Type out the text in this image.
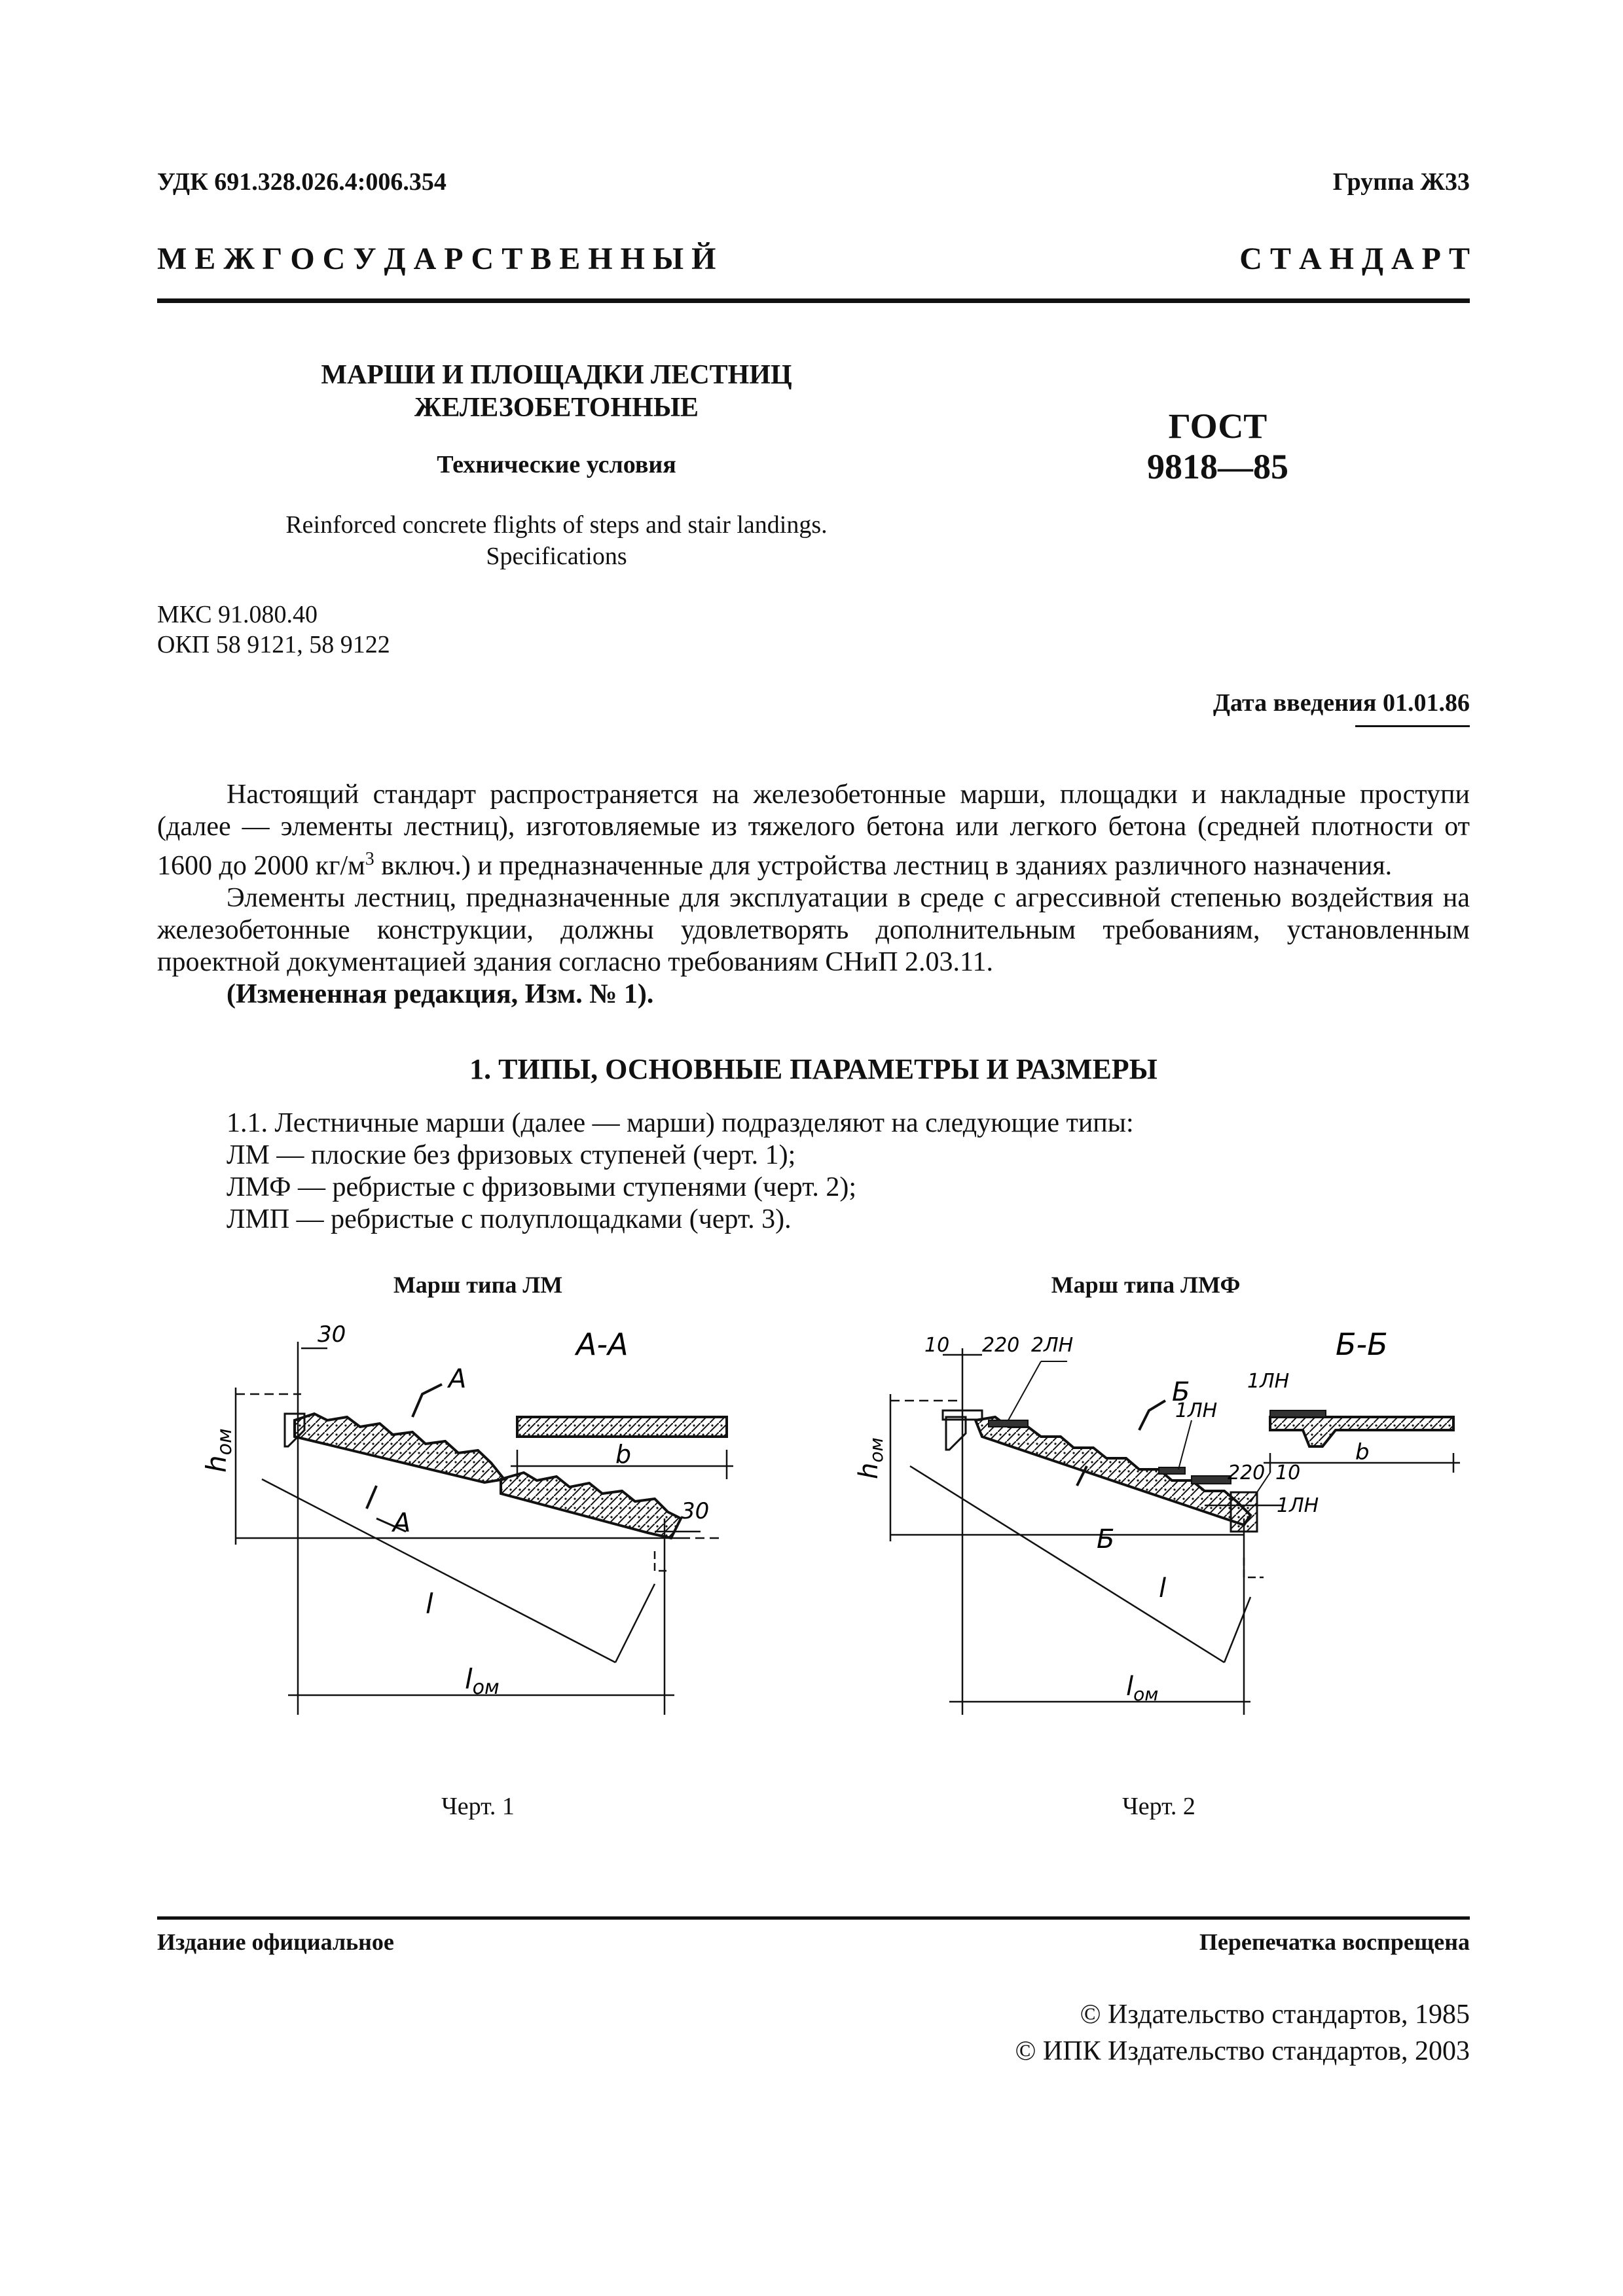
УДК 691.328.026.4:006.354	Группа Ж33
М Е Ж Г О С У Д А Р С Т В Е Н Н Ы Й	С Т А Н Д А Р Т
МАРШИ И ПЛОЩАДКИ ЛЕСТНИЦ
ЖЕЛЕЗОБЕТОННЫЕ
Технические условия
Reinforced concrete flights of steps and stair landings.
Specifications
ГОСТ
9818—85
МКС 91.080.40
ОКП 58 9121, 58 9122
Дата введения 01.01.86

Настоящий стандарт распространяется на железобетонные марши, площадки и накладные проступи (далее — элементы лестниц), изготовляемые из тяжелого бетона или легкого бетона (средней плотности от 1600 до 2000 $кг/м^3$ включ.) и предназначенные для устройства лестниц в зданиях различного назначения.

Элементы лестниц, предназначенные для эксплуатации в среде с агрессивной степенью воздействия на железобетонные конструкции, должны удовлетворять дополнительным требованиям, установленным проектной документацией здания согласно требованиям СНиП 2.03.11.

(Измененная редакция, Изм. № 1).

1. ТИПЫ, ОСНОВНЫЕ ПАРАМЕТРЫ И РАЗМЕРЫ
1.1. Лестничные марши (далее — марши) подразделяют на следующие типы:
ЛМ — плоские без фризовых ступеней (черт. 1);
ЛМФ — ребристые с фризовыми ступенями (черт. 2);
ЛМП — ребристые с полуплощадками (черт. 3).
Марш типа ЛМ
30
30
А
А
А-А
b
hом
l
lом
Черт. 1
Марш типа ЛМФ
10 220 2ЛН
1ЛН
1ЛН
220 10
1ЛН
Б
Б
Б-Б
b
$h_{ом}$
l
$l_{ом}$
Черт. 2
Издание официальное	Перепечатка воспрещена
© Издательство стандартов, 1985
© ИПК Издательство стандартов, 2003
